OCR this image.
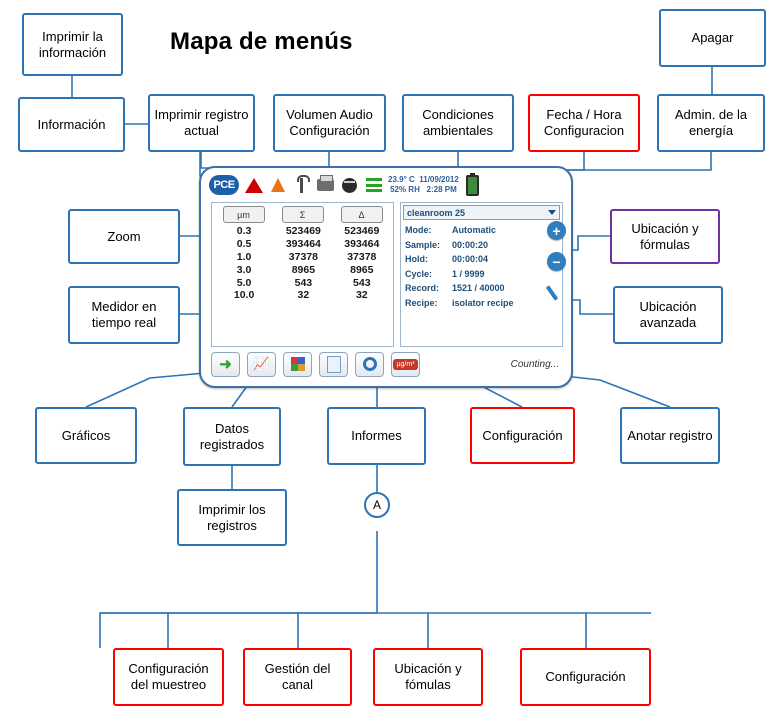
Mapa de menús
Imprimir la información
Información
Imprimir registro actual
Volumen Audio Configuración
Condiciones ambientales
Fecha / Hora Configuracion
Admin. de la energía
Apagar
Zoom
Medidor en tiempo real
Ubicación y fórmulas
Ubicación avanzada
Gráficos	Datos registrados
Imprimir los registros
Informes	Configuración	Anotar registro
Configuración del muestreo
Gestión del canal
Ubicación y fómulas
Configuración
A
PCE	23.9° C 11/09/2012
52% RH 2:28 PM
µm	Σ	Δ
0.3	523469	523469
0.5	393464	393464
1.0	37378	37378
3.0	8965	8965
5.0	543	543
10.0	32	32
cleanroom 25
Mode: Automatic
Sample: 00:00:20
Hold:	00:00:04
Cycle: 1 / 9999
Record: 1521 / 40000
Recipe: isolator recipe
+
−
➜ 📈	µg/m³	Counting...
